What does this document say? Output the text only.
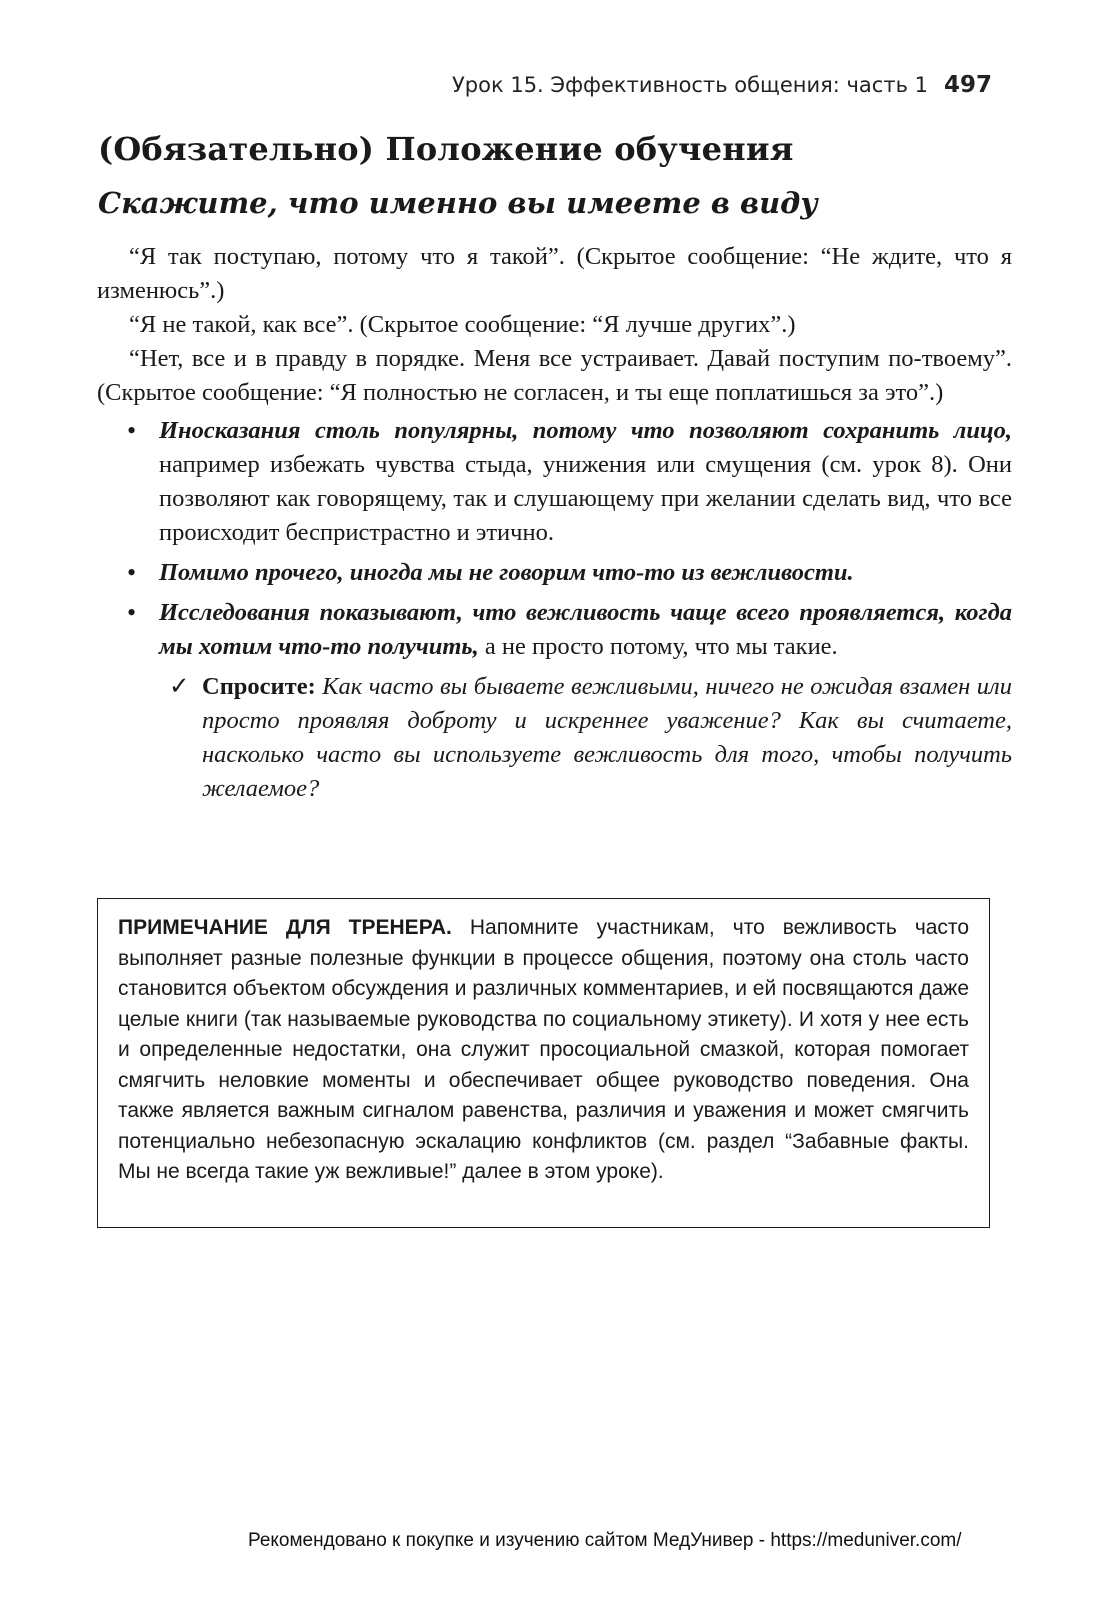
Урок 15. Эффективность общения: часть 1 497
(Обязательно) Положение обучения
Скажите, что именно вы имеете в виду

“Я так поступаю, потому что я такой”. (Скрытое сообщение: “Не ждите, что я изменюсь”.)

“Я не такой, как все”. (Скрытое сообщение: “Я лучше других”.)

“Нет, все и в правду в порядке. Меня все устраивает. Давай поступим по-твоему”. (Скрытое сообщение: “Я полностью не согласен, и ты еще поплатишься за это”.)

• Иносказания столь популярны, потому что позволяют сохранить лицо, например избежать чувства стыда, унижения или смущения (см. урок 8). Они позволяют как говорящему, так и слушающему при желании сделать вид, что все происходит беспристрастно и этично.
• Помимо прочего, иногда мы не говорим что-то из вежливости.
• Исследования показывают, что вежливость чаще всего проявляется, когда мы хотим что-то получить, а не просто потому, что мы такие.
✓ Спросите: Как часто вы бываете вежливыми, ничего не ожидая взамен или просто проявляя доброту и искреннее уважение? Как вы считаете, насколько часто вы используете вежливость для того, чтобы получить желаемое?
ПРИМЕЧАНИЕ ДЛЯ ТРЕНЕРА. Напомните участникам, что вежливость часто выполняет разные полезные функции в процессе общения, поэтому она столь часто становится объектом обсуждения и различных комментариев, и ей посвящаются даже целые книги (так называемые руководства по социальному этикету). И хотя у нее есть и определенные недостатки, она служит просоциальной смазкой, которая помогает смягчить неловкие моменты и обеспечивает общее руководство поведения. Она также является важным сигналом равенства, различия и уважения и может смягчить потенциально небезопасную эскалацию конфликтов (см. раздел “Забавные факты. Мы не всегда такие уж вежливые!” далее в этом уроке).
Рекомендовано к покупке и изучению сайтом МедУнивер - https://meduniver.com/
